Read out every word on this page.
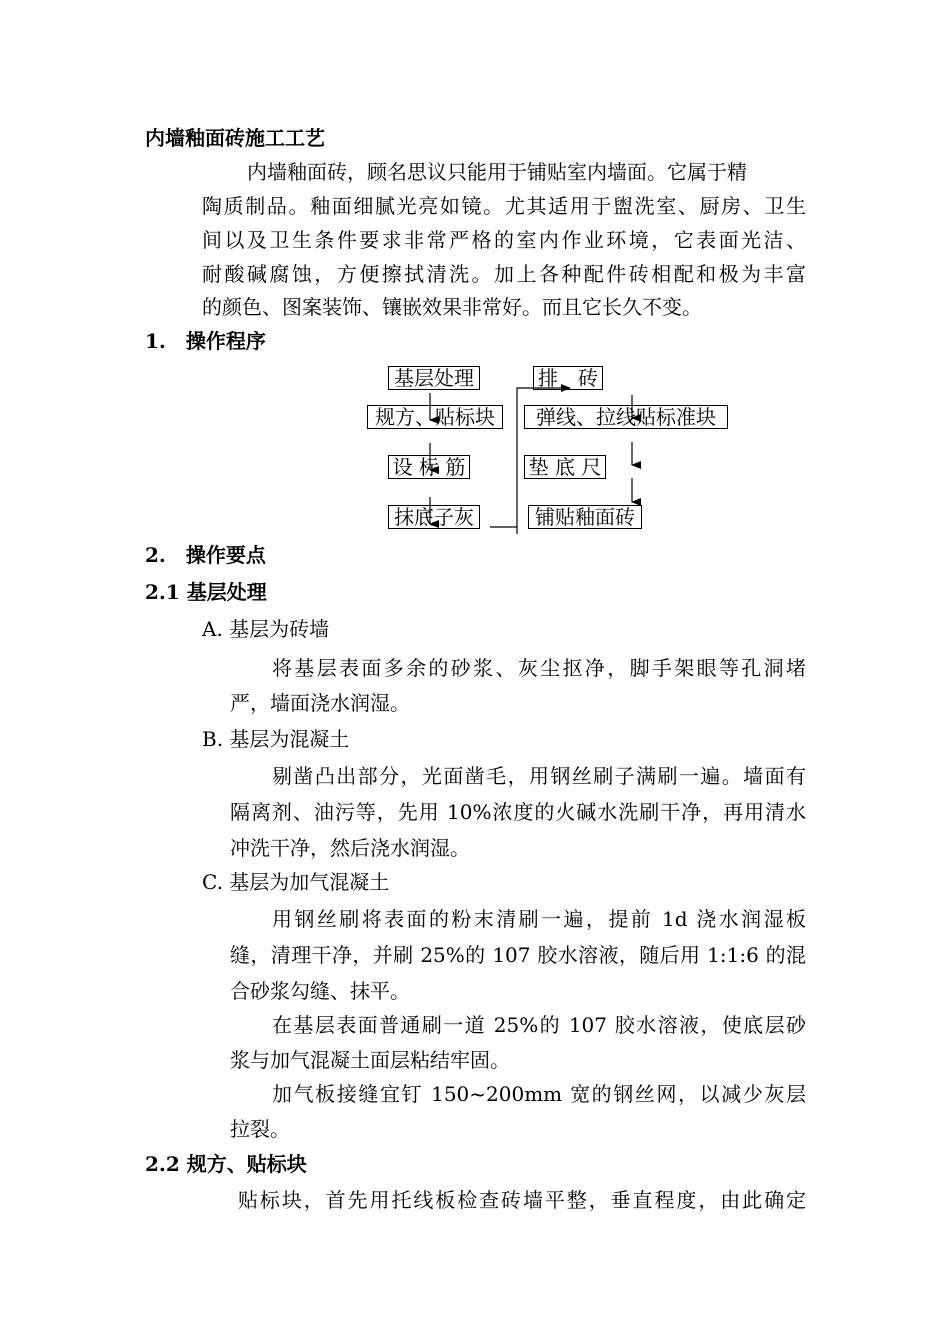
内墙釉面砖施工工艺
内墙釉面砖，顾名思议只能用于铺贴室内墙面。它属于精
陶质制品。釉面细腻光亮如镜。尤其适用于盥洗室、厨房、卫生
间以及卫生条件要求非常严格的室内作业环境，它表面光洁、
耐酸碱腐蚀，方便擦拭清洗。加上各种配件砖相配和极为丰富
的颜色、图案装饰、镶嵌效果非常好。而且它长久不变。
1.　操作程序
基层处理
规方、贴标块
设 标 筋
抹底子灰
排　砖
弹线、拉线贴标准块
垫 底 尺
铺贴釉面砖
2.　操作要点
2.1 基层处理
A. 基层为砖墙
将基层表面多余的砂浆、灰尘抠净，脚手架眼等孔洞堵
严，墙面浇水润湿。
B. 基层为混凝土
剔凿凸出部分，光面凿毛，用钢丝刷子满刷一遍。墙面有
隔离剂、油污等，先用 10%浓度的火碱水洗刷干净，再用清水
冲洗干净，然后浇水润湿。
C. 基层为加气混凝土
用钢丝刷将表面的粉末清刷一遍，提前 1d 浇水润湿板
缝，清理干净，并刷 25%的 107 胶水溶液，随后用 1:1:6 的混
合砂浆勾缝、抹平。
在基层表面普通刷一道 25%的 107 胶水溶液，使底层砂
浆与加气混凝土面层粘结牢固。
加气板接缝宜钉 150~200mm 宽的钢丝网，以减少灰层
拉裂。
2.2 规方、贴标块
贴标块，首先用托线板检查砖墙平整，垂直程度，由此确定
